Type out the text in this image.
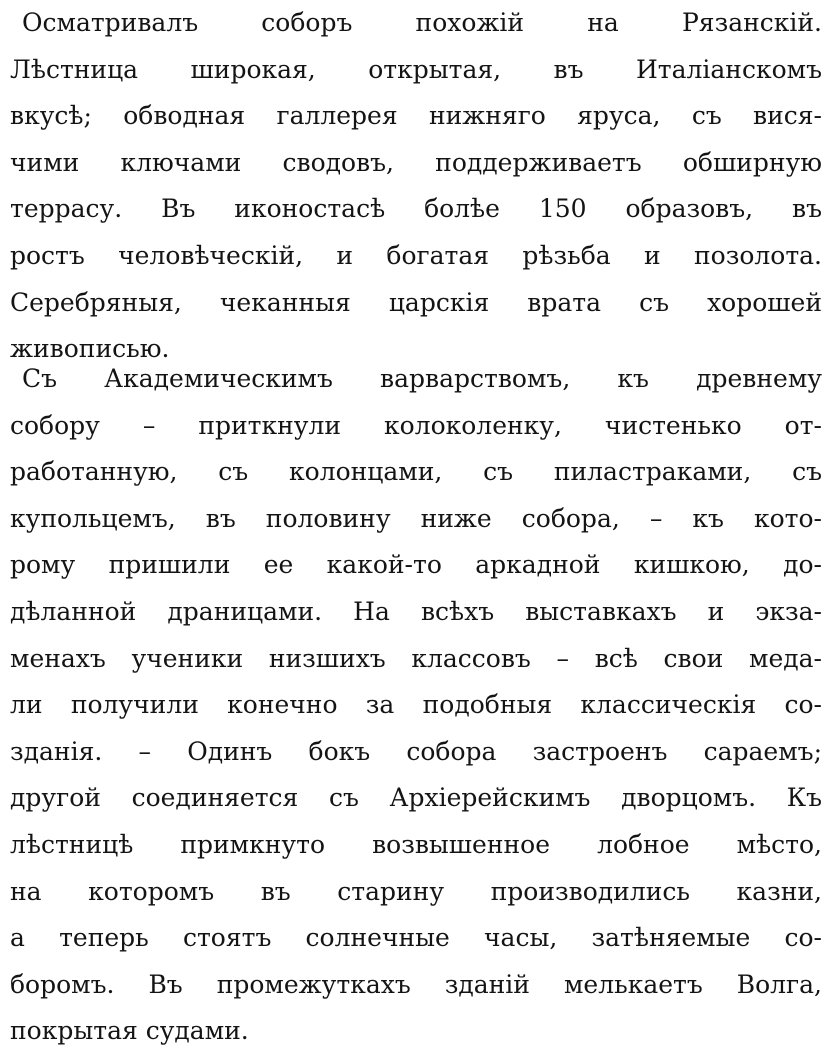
Осматривалъ соборъ похожій на Рязанскій.
Лѣстница широкая, открытая, въ Италіанскомъ
вкусѣ; обводная галлерея нижняго яруса, съ вися-
чими ключами сводовъ, поддерживаетъ обширную
террасу. Въ иконостасѣ болѣе 150 образовъ, въ
ростъ человѣческій, и богатая рѣзьба и позолота.
Серебряныя, чеканныя царскія врата съ хорошей
живописью.
Съ Академическимъ варварствомъ, къ древнему
собору – приткнули колоколенку, чистенько от-
работанную, съ колонцами, съ пиластраками, съ
купольцемъ, въ половину ниже собора, – къ кото-
рому пришили ее какой-то аркадной кишкою, до-
дѣланной драницами. На всѣхъ выставкахъ и экза-
менахъ ученики низшихъ классовъ – всѣ свои меда-
ли получили конечно за подобныя классическія со-
зданія. – Одинъ бокъ собора застроенъ сараемъ;
другой соединяется съ Архіерейскимъ дворцомъ. Къ
лѣстницѣ примкнуто возвышенное лобное мѣсто,
на которомъ въ старину производились казни,
а теперь стоятъ солнечные часы, затѣняемые со-
боромъ. Въ промежуткахъ зданій мелькаетъ Волга,
покрытая судами.
